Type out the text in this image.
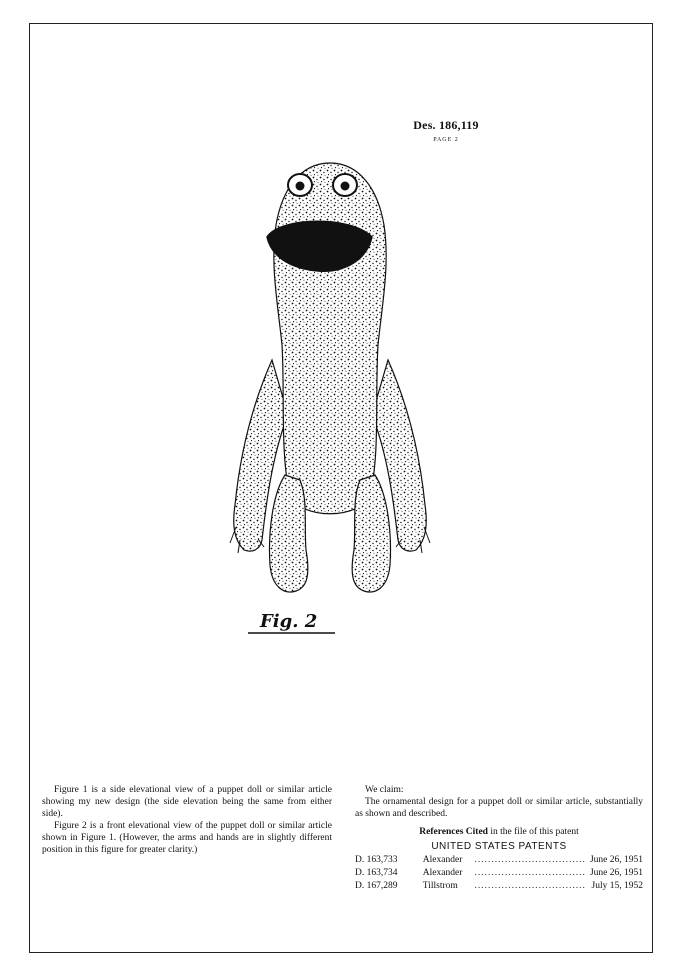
Des. 186,119
PAGE 2
Fig. 2

Figure 1 is a side elevational view of a puppet doll or similar article showing my new design (the side elevation being the same from either side).

Figure 2 is a front elevational view of the puppet doll or similar article shown in Figure 1. (However, the arms and hands are in slightly different position in this figure for greater clarity.)

We claim:

The ornamental design for a puppet doll or similar article, substantially as shown and described.

References Cited in the file of this patent
UNITED STATES PATENTS
D. 163,733	Alexander	................................. June 26, 1951
D. 163,734	Alexander	................................. June 26, 1951
D. 167,289	Tillstrom	................................. July 15, 1952
